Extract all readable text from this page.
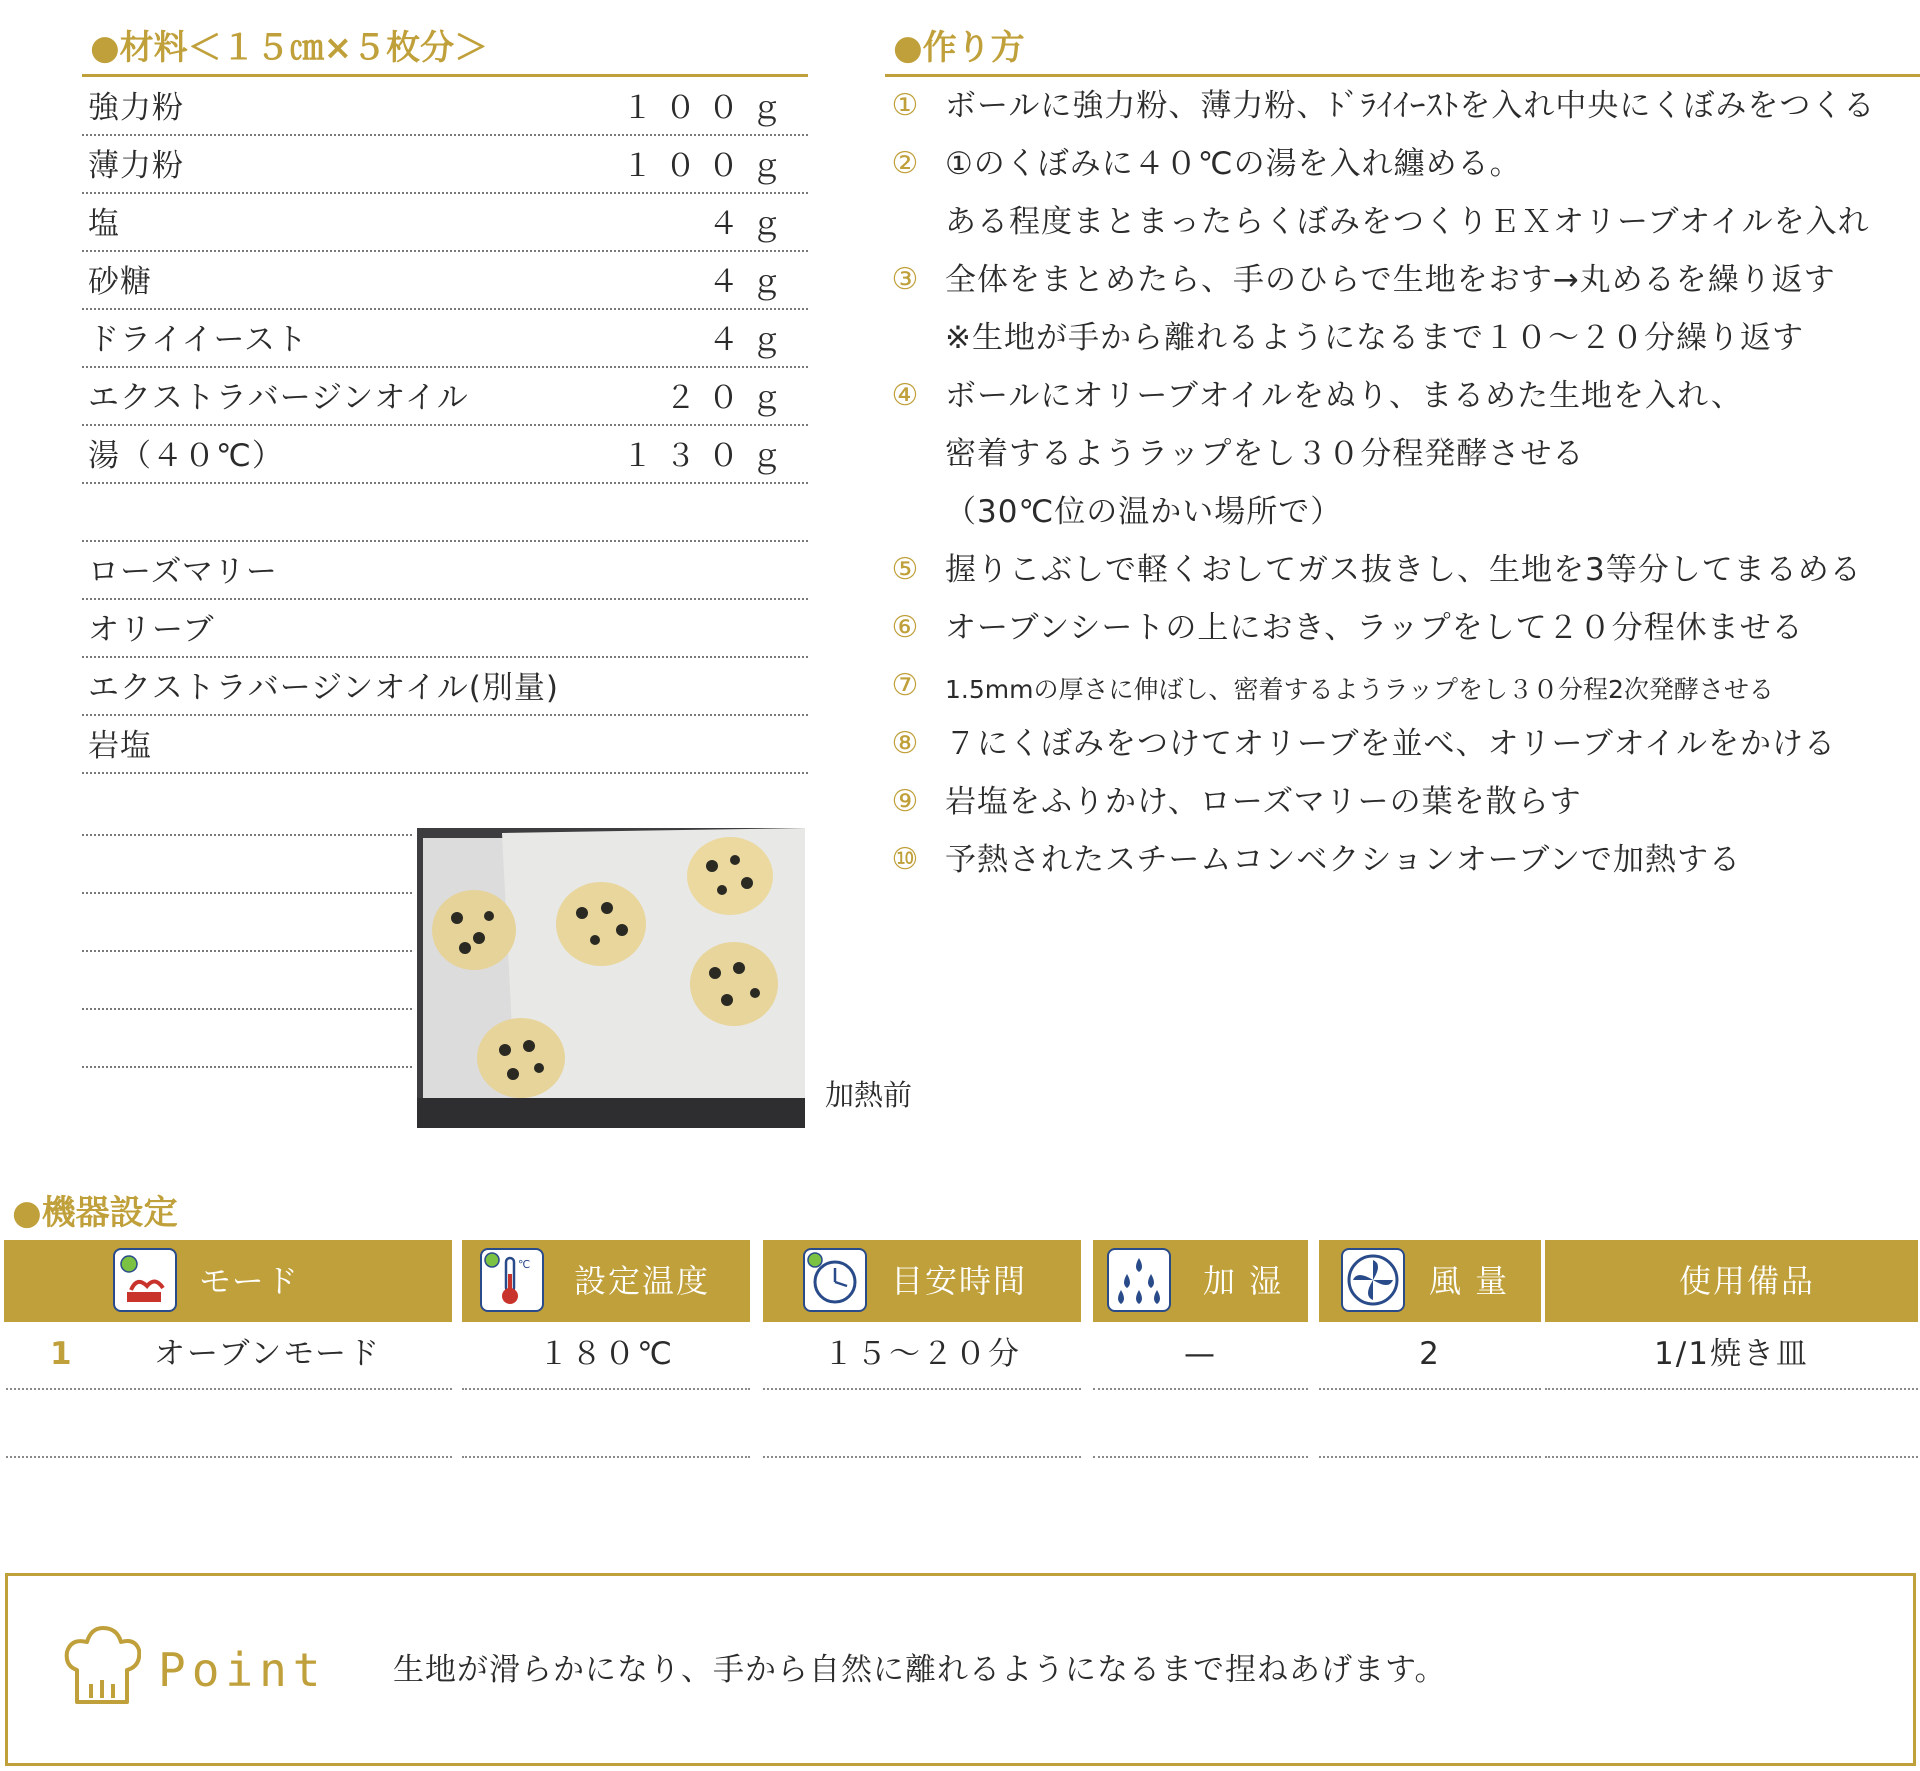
●材料＜１５㎝×５枚分＞
強力粉	１００ｇ
薄力粉	１００ｇ
塩	４ｇ
砂糖	４ｇ
ドライイースト	４ｇ
エクストラバージンオイル	２０ｇ
湯（４０℃）	１３０ｇ
ローズマリー
オリーブ
エクストラバージンオイル(別量)
岩塩
加熱前
●作り方
① ボールに強力粉、薄力粉、ﾄﾞﾗｲｲｰｽﾄを入れ中央にくぼみをつくる
② ①のくぼみに４０℃の湯を入れ纏める。
ある程度まとまったらくぼみをつくりＥＸオリーブオイルを入れ
③ 全体をまとめたら、手のひらで生地をおす→丸めるを繰り返す
※生地が手から離れるようになるまで１０～２０分繰り返す
④ ボールにオリーブオイルをぬり、まるめた生地を入れ、
密着するようラップをし３０分程発酵させる
（30℃位の温かい場所で）
⑤ 握りこぶしで軽くおしてガス抜きし、生地を3等分してまるめる
⑥ オーブンシートの上におき、ラップをして２０分程休ませる
⑦ 1.5mmの厚さに伸ばし、密着するようラップをし３０分程2次発酵させる
⑧ ７にくぼみをつけてオリーブを並べ、オリーブオイルをかける
⑨ 岩塩をふりかけ、ローズマリーの葉を散らす
⑩ 予熱されたスチームコンベクションオーブンで加熱する
●機器設定
モード	℃ 設定温度	目安時間	加 湿	風 量	使用備品
1	オーブンモード	１８０℃	１５～２０分	—	2	1/1焼き皿
Point 生地が滑らかになり、手から自然に離れるようになるまで捏ねあげます。
